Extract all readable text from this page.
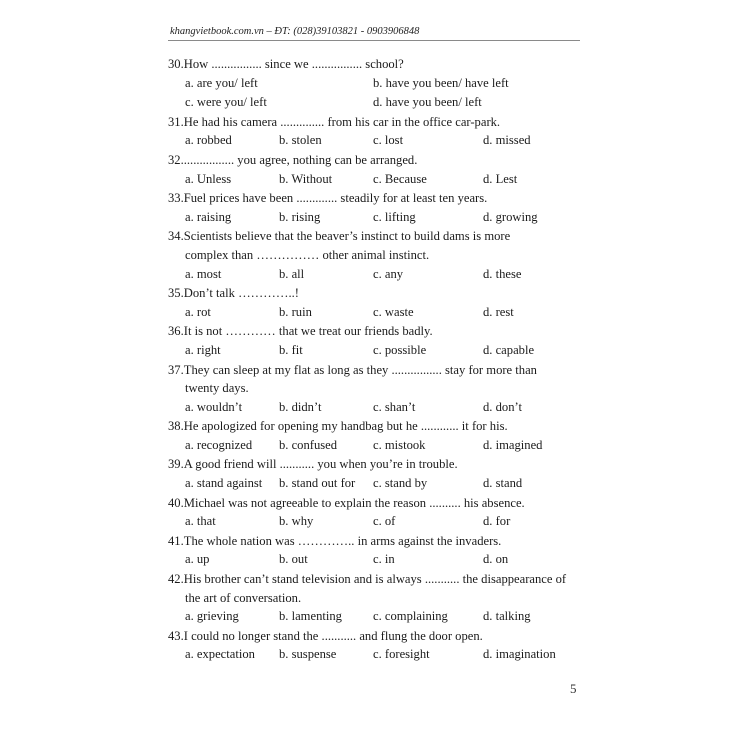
khangvietbook.com.vn – ĐT: (028)39103821 - 0903906848
30. How ................ since we ................ school?
a. are you/ left	b. have you been/ have left
c. were you/ left	d. have you been/ left
31. He had his camera .............. from his car in the office car-park.
a. robbed	b. stolen	c. lost	d. missed
32. ................ you agree, nothing can be arranged.
a. Unless	b. Without	c. Because	d. Lest
33. Fuel prices have been ............. steadily for at least ten years.
a. raising	b. rising	c. lifting	d. growing
34. Scientists believe that the beaver’s instinct to build dams is more
complex than …………… other animal instinct.
a. most	b. all	c. any	d. these
35. Don’t talk …………..!
a. rot	b. ruin	c. waste	d. rest
36. It is not ………… that we treat our friends badly.
a. right	b. fit	c. possible	d. capable
37. They can sleep at my flat as long as they ................ stay for more than
twenty days.
a. wouldn’t	b. didn’t	c. shan’t	d. don’t
38. He apologized for opening my handbag but he ............ it for his.
a. recognized b. confused	c. mistook	d. imagined
39. A good friend will ........... you when you’re in trouble.
a. stand against b. stand out for c. stand by	d. stand
40. Michael was not agreeable to explain the reason .......... his absence.
a. that	b. why	c. of	d. for
41. The whole nation was ………….. in arms against the invaders.
a. up	b. out	c. in	d. on
42. His brother can’t stand television and is always ........... the disappearance of
the art of conversation.
a. grieving	b. lamenting c. complaining	d. talking
43. I could no longer stand the ........... and flung the door open.
a. expectation b. suspense	c. foresight	d. imagination
5
